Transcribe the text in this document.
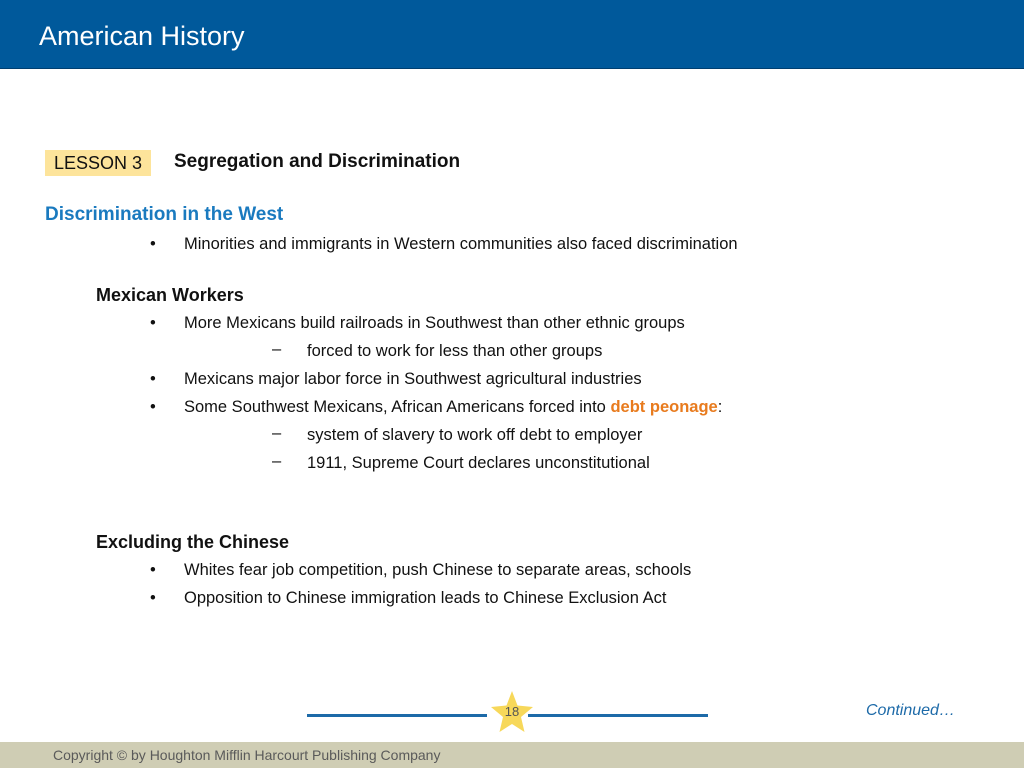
American History
LESSON 3	Segregation and Discrimination
Discrimination in the West
• Minorities and immigrants in Western communities also faced discrimination
Mexican Workers
• More Mexicans build railroads in Southwest than other ethnic groups
– forced to work for less than other groups
• Mexicans major labor force in Southwest agricultural industries
• Some Southwest Mexicans, African Americans forced into debt peonage:
– system of slavery to work off debt to employer
– 1911, Supreme Court declares unconstitutional
Excluding the Chinese
• Whites fear job competition, push Chinese to separate areas, schools
• Opposition to Chinese immigration leads to Chinese Exclusion Act
18	Continued…
Copyright © by Houghton Mifflin Harcourt Publishing Company
